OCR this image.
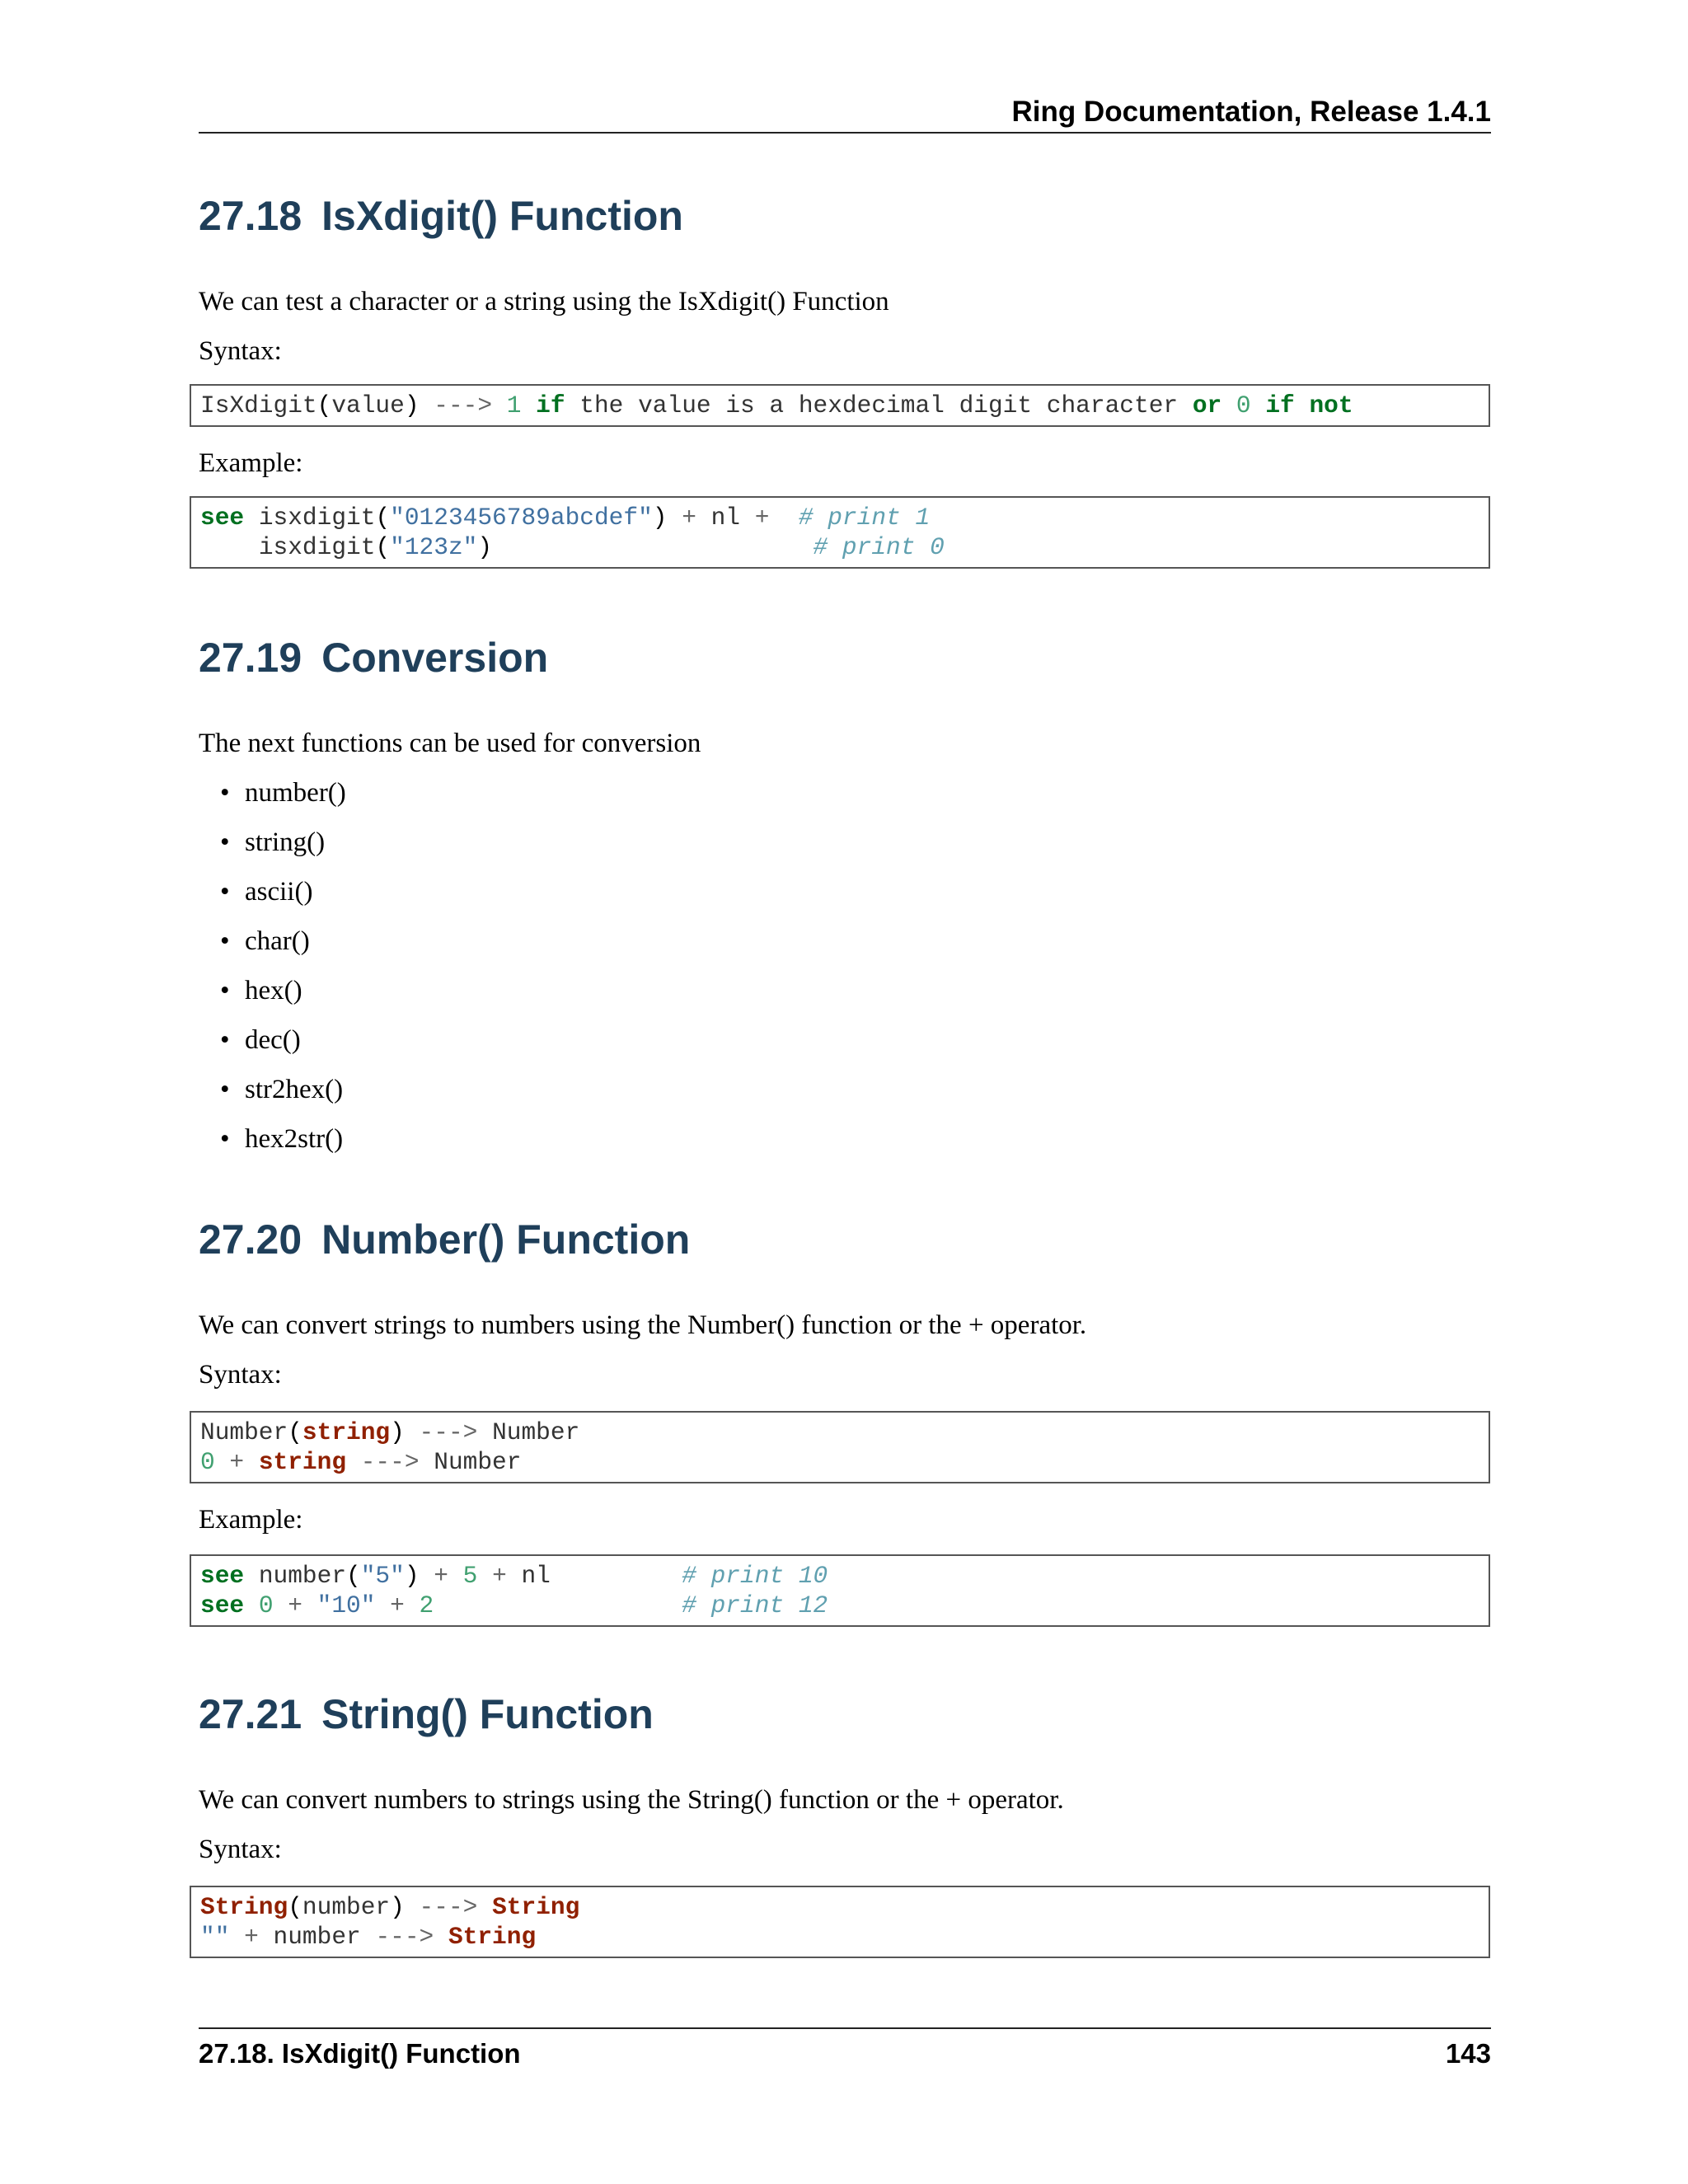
Ring Documentation, Release 1.4.1
27.18 IsXdigit() Function

We can test a character or a string using the IsXdigit() Function

Syntax:

IsXdigit(value) ---> 1 if the value is a hexdecimal digit character or 0 if not

Example:

see isxdigit("0123456789abcdef") + nl + # print 1
isxdigit("123z")                      # print 0
27.19 Conversion

The next functions can be used for conversion

• number()
• string()
• ascii()
• char()
• hex()
• dec()
• str2hex()
• hex2str()
27.20 Number() Function

We can convert strings to numbers using the Number() function or the + operator.

Syntax:

Number(string) ---> Number
0 + string ---> Number

Example:

see number("5") + 5 + nl	# print 10
see 0 + "10" + 2	# print 12
27.21 String() Function

We can convert numbers to strings using the String() function or the + operator.

Syntax:

String(number) ---> String
"" + number ---> String
27.18. IsXdigit() Function	143
